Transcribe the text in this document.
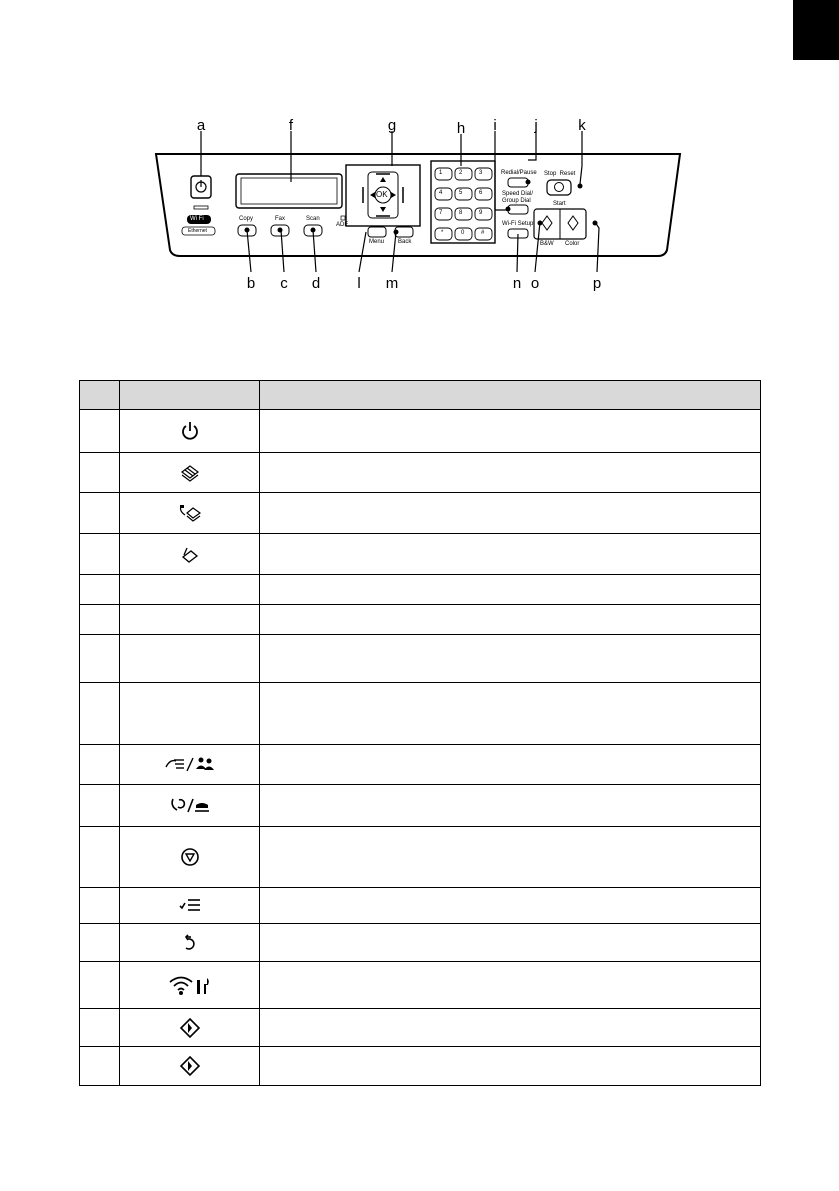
a
b	c	d
f	g	h	i	j	k
l	m	n o	p
Copy	Fax	Scan
ADF
Menu Back
OK
Redial/Pause
Speed Dial/
Group Dial
Wi-Fi Setup
Stop  Reset
Start
B&W Color
Wi Fi
Ethernet
1	2	3
4	5	6
7	8	9
*	0	#
